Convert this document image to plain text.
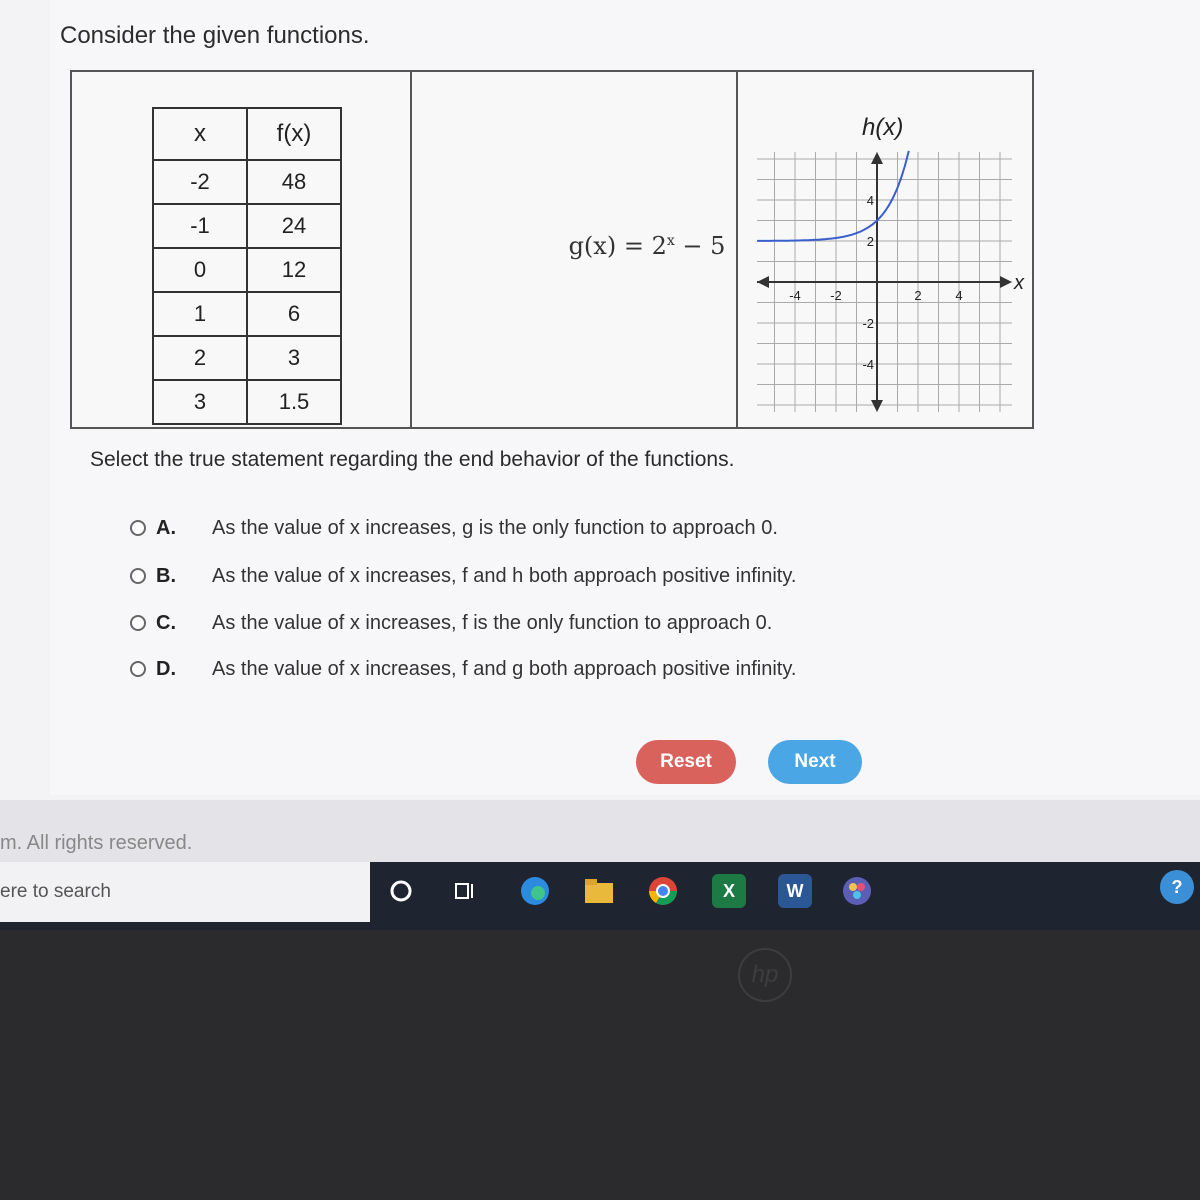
Consider the given functions.
x	f(x)
-2	48
-1	24
0	12
1	6
2	3
3	1.5
$g(x) = 2^x - 5$
h(x)
-4 -2	2	4
4
2
-2
-4
x
Select the true statement regarding the end behavior of the functions.
A.	As the value of x increases, g is the only function to approach 0.
B.	As the value of x increases, f and h both approach positive infinity.
C.	As the value of x increases, f is the only function to approach 0.
D.	As the value of x increases, f and g both approach positive infinity.
Reset	Next
m. All rights reserved.
ere to search	X	W	?
hp
